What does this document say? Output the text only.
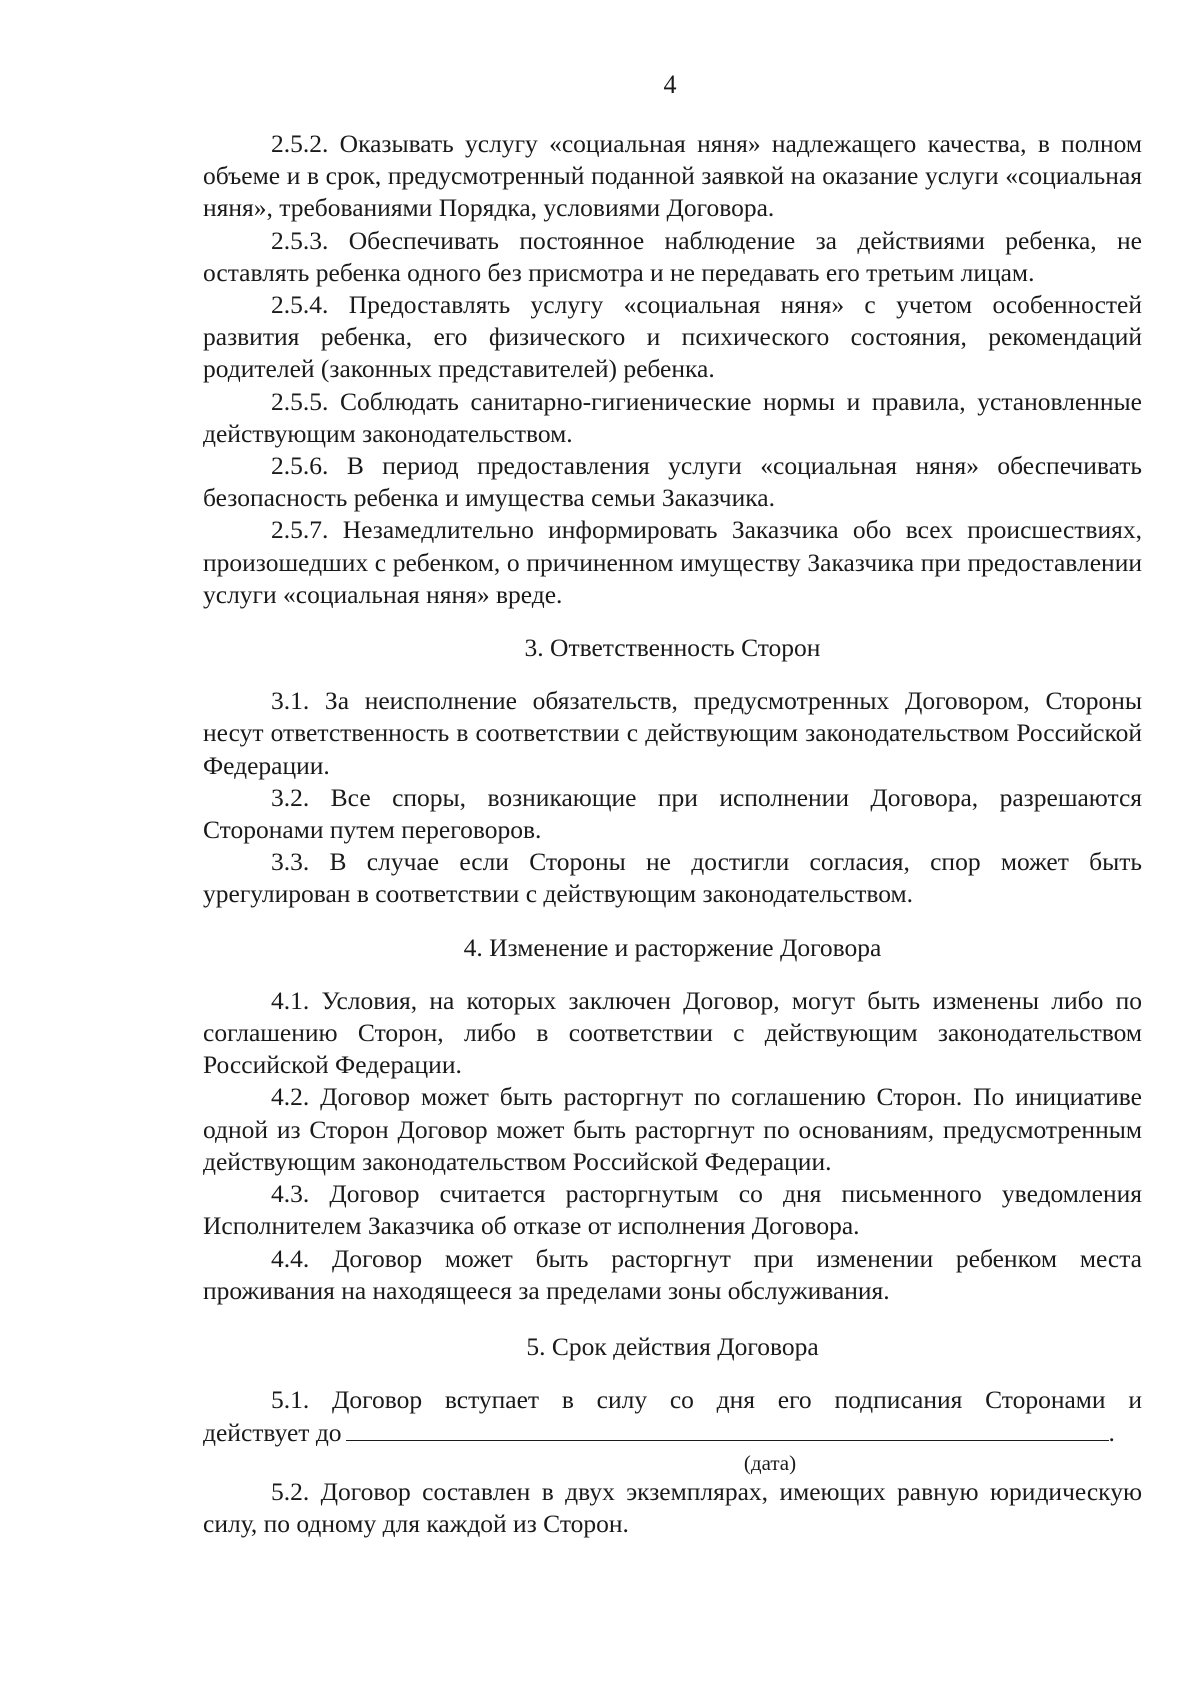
4

2.5.2. Оказывать услугу «социальная няня» надлежащего качества, в полном объеме и в срок, предусмотренный поданной заявкой на оказание услуги «социальная няня», требованиями Порядка, условиями Договора.

2.5.3. Обеспечивать постоянное наблюдение за действиями ребенка, не оставлять ребенка одного без присмотра и не передавать его третьим лицам.

2.5.4. Предоставлять услугу «социальная няня» с учетом особенностей развития ребенка, его физического и психического состояния, рекомендаций родителей (законных представителей) ребенка.

2.5.5. Соблюдать санитарно-гигиенические нормы и правила, установленные действующим законодательством.

2.5.6. В период предоставления услуги «социальная няня» обеспечивать безопасность ребенка и имущества семьи Заказчика.

2.5.7. Незамедлительно информировать Заказчика обо всех происшествиях, произошедших с ребенком, о причиненном имуществу Заказчика при предоставлении услуги «социальная няня» вреде.

3. Ответственность Сторон

3.1. За неисполнение обязательств, предусмотренных Договором, Стороны несут ответственность в соответствии с действующим законодательством Российской Федерации.

3.2. Все споры, возникающие при исполнении Договора, разрешаются Сторонами путем переговоров.

3.3. В случае если Стороны не достигли согласия, спор может быть урегулирован в соответствии с действующим законодательством.

4. Изменение и расторжение Договора

4.1. Условия, на которых заключен Договор, могут быть изменены либо по соглашению Сторон, либо в соответствии с действующим законодательством Российской Федерации.

4.2. Договор может быть расторгнут по соглашению Сторон. По инициативе одной из Сторон Договор может быть расторгнут по основаниям, предусмотренным действующим законодательством Российской Федерации.

4.3. Договор считается расторгнутым со дня письменного уведомления Исполнителем Заказчика об отказе от исполнения Договора.

4.4. Договор может быть расторгнут при изменении ребенком места проживания на находящееся за пределами зоны обслуживания.

5. Срок действия Договора

5.1. Договор вступает в силу со дня его подписания Сторонами и

действует до	.

(дата)

5.2. Договор составлен в двух экземплярах, имеющих равную юридическую силу, по одному для каждой из Сторон.
